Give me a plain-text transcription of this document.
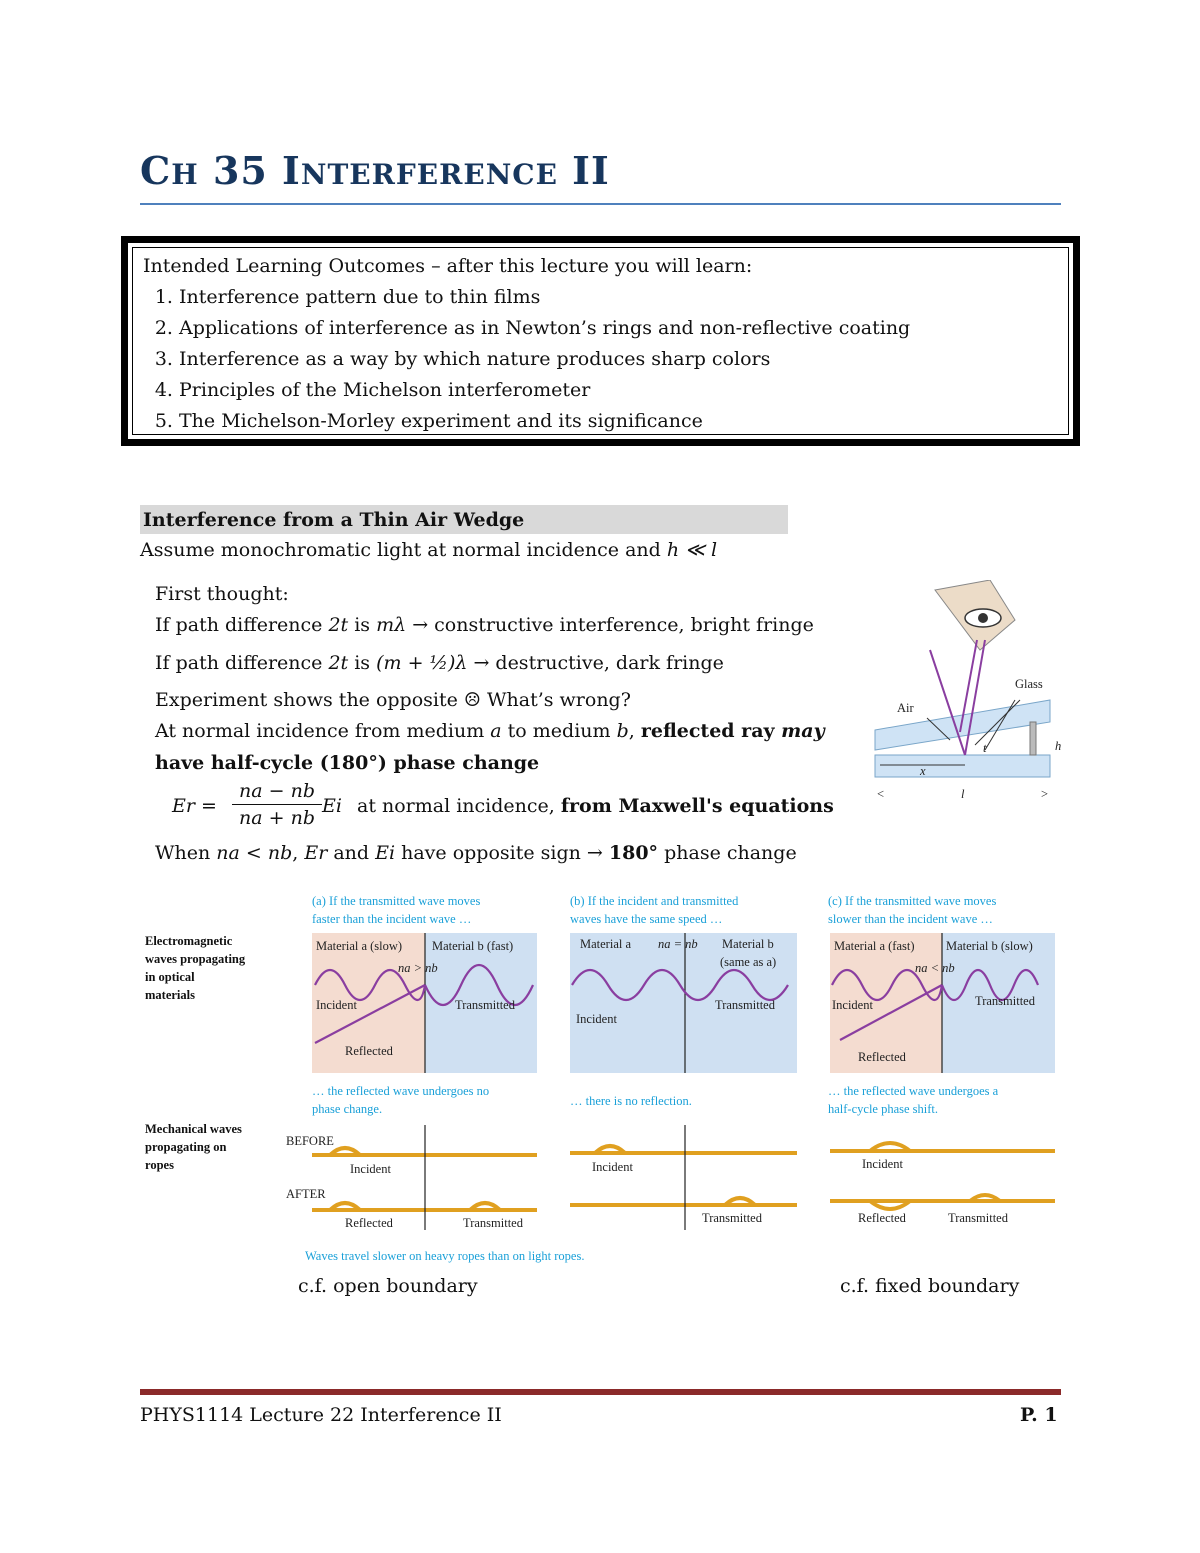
CH 35 INTERFERENCE II
Intended Learning Outcomes – after this lecture you will learn:
1. Interference pattern due to thin films
2. Applications of interference as in Newton’s rings and non-reflective coating
3. Interference as a way by which nature produces sharp colors
4. Principles of the Michelson interferometer
5. The Michelson-Morley experiment and its significance
Interference from a Thin Air Wedge
Assume monochromatic light at normal incidence and h ≪ l
First thought:
If path difference 2t is mλ → constructive interference, bright fringe
If path difference 2t is (m + ½)λ → destructive, dark fringe
Experiment shows the opposite ☹ What’s wrong?
At normal incidence from medium a to medium b, reflected ray may
have half-cycle (180°) phase change
Er =
na − nb
na + nb
Ei at normal incidence, from Maxwell's equations
When na < nb, Er and Ei have opposite sign → 180° phase change
Air
Glass
x
h
t
<	l	>
Electromagnetic
waves propagating
in optical
materials
Mechanical waves
propagating on
ropes
(a) If the transmitted wave moves
faster than the incident wave …
Material a (slow) Material b (fast)
na > nb
Incident	Transmitted
Reflected
… the reflected wave undergoes no
phase change.
BEFORE
AFTER
Incident
Reflected	Transmitted
Waves travel slower on heavy ropes than on light ropes.
(b) If the incident and transmitted
waves have the same speed …
Material a na = nb Material b
(same as a)
Incident
Transmitted
… there is no reflection.
Incident
Transmitted
(c) If the transmitted wave moves
slower than the incident wave …
Material a (fast)	Material b (slow)
na < nb
Incident	Transmitted
Reflected
… the reflected wave undergoes a
half-cycle phase shift.
Incident
Reflected	Transmitted
c.f. open boundary	c.f. fixed boundary
PHYS1114 Lecture 22 Interference II	P. 1
